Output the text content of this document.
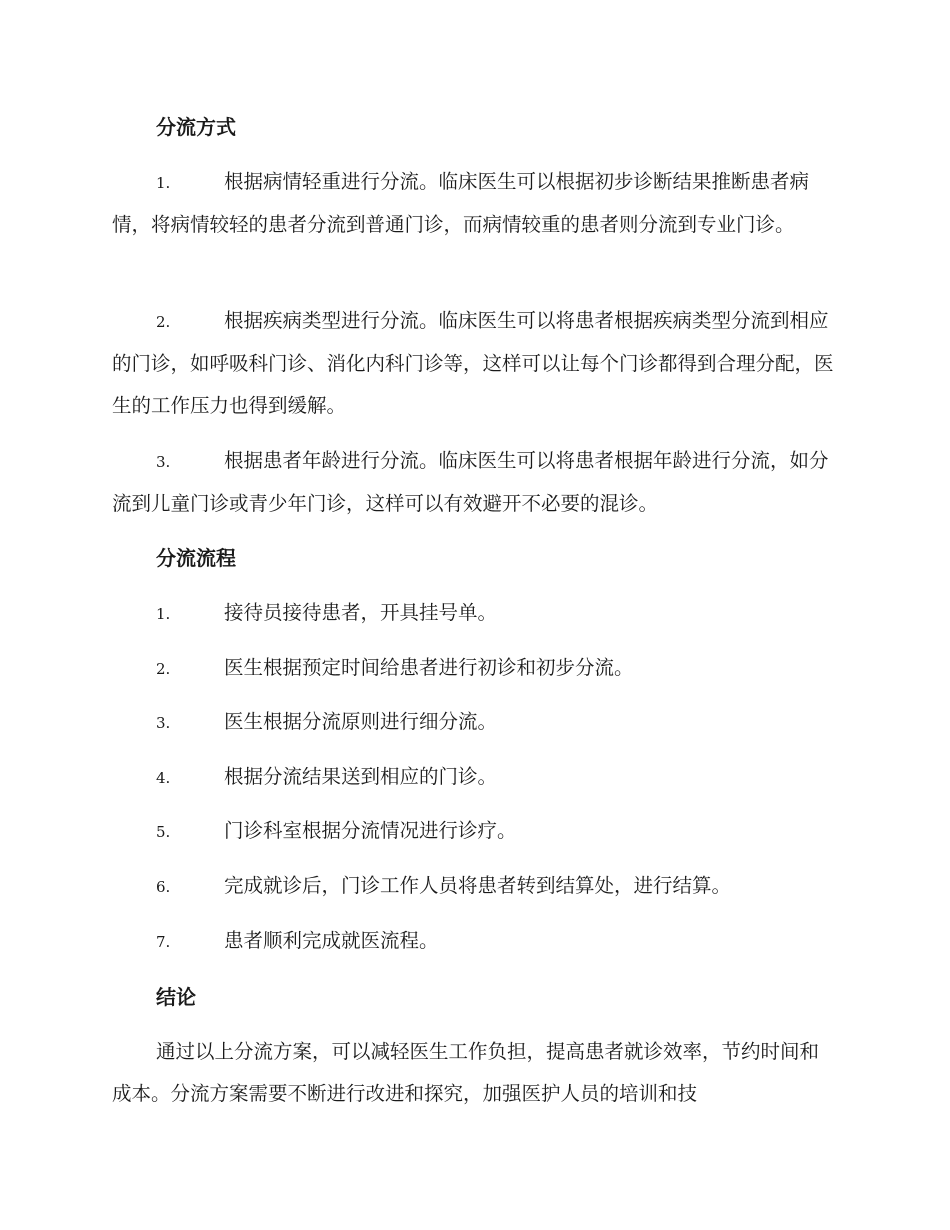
分流方式

1.	根据病情轻重进行分流。临床医生可以根据初步诊断结果推断患者病情，将病情较轻的患者分流到普通门诊，而病情较重的患者则分流到专业门诊。

2.	根据疾病类型进行分流。临床医生可以将患者根据疾病类型分流到相应的门诊，如呼吸科门诊、消化内科门诊等，这样可以让每个门诊都得到合理分配，医生的工作压力也得到缓解。

3.	根据患者年龄进行分流。临床医生可以将患者根据年龄进行分流，如分流到儿童门诊或青少年门诊，这样可以有效避开不必要的混诊。

分流流程

1.	接待员接待患者，开具挂号单。

2.	医生根据预定时间给患者进行初诊和初步分流。

3.	医生根据分流原则进行细分流。

4.	根据分流结果送到相应的门诊。

5.	门诊科室根据分流情况进行诊疗。

6.	完成就诊后，门诊工作人员将患者转到结算处，进行结算。

7.	患者顺利完成就医流程。

结论

通过以上分流方案，可以减轻医生工作负担，提高患者就诊效率，节约时间和成本。分流方案需要不断进行改进和探究，加强医护人员的培训和技
